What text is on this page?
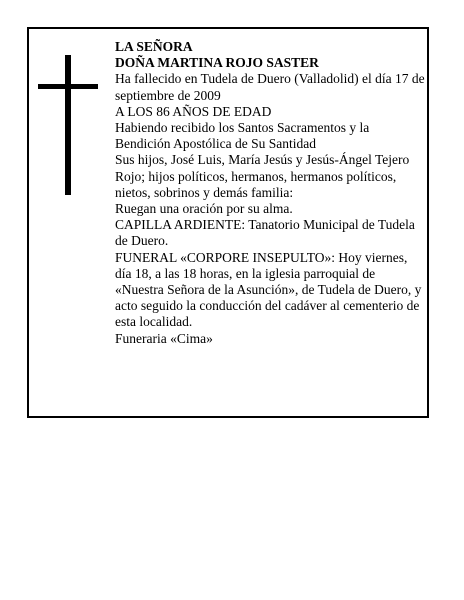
LA SEÑORA

DOÑA MARTINA ROJO SASTER

Ha fallecido en Tudela de Duero (Valladolid) el día 17 de septiembre de 2009

A LOS 86 AÑOS DE EDAD

Habiendo recibido los Santos Sacramentos y la Bendición Apostólica de Su Santidad

Sus hijos, José Luis, María Jesús y Jesús-Ángel Tejero Rojo; hijos políticos, hermanos, hermanos políticos, nietos, sobrinos y demás familia:

Ruegan una oración por su alma.

CAPILLA ARDIENTE: Tanatorio Municipal de Tudela de Duero.

FUNERAL «CORPORE INSEPULTO»: Hoy viernes, día 18, a las 18 horas, en la iglesia parroquial de «Nuestra Señora de la Asunción», de Tudela de Duero, y acto seguido la conducción del cadáver al cementerio de esta localidad.

Funeraria «Cima»
